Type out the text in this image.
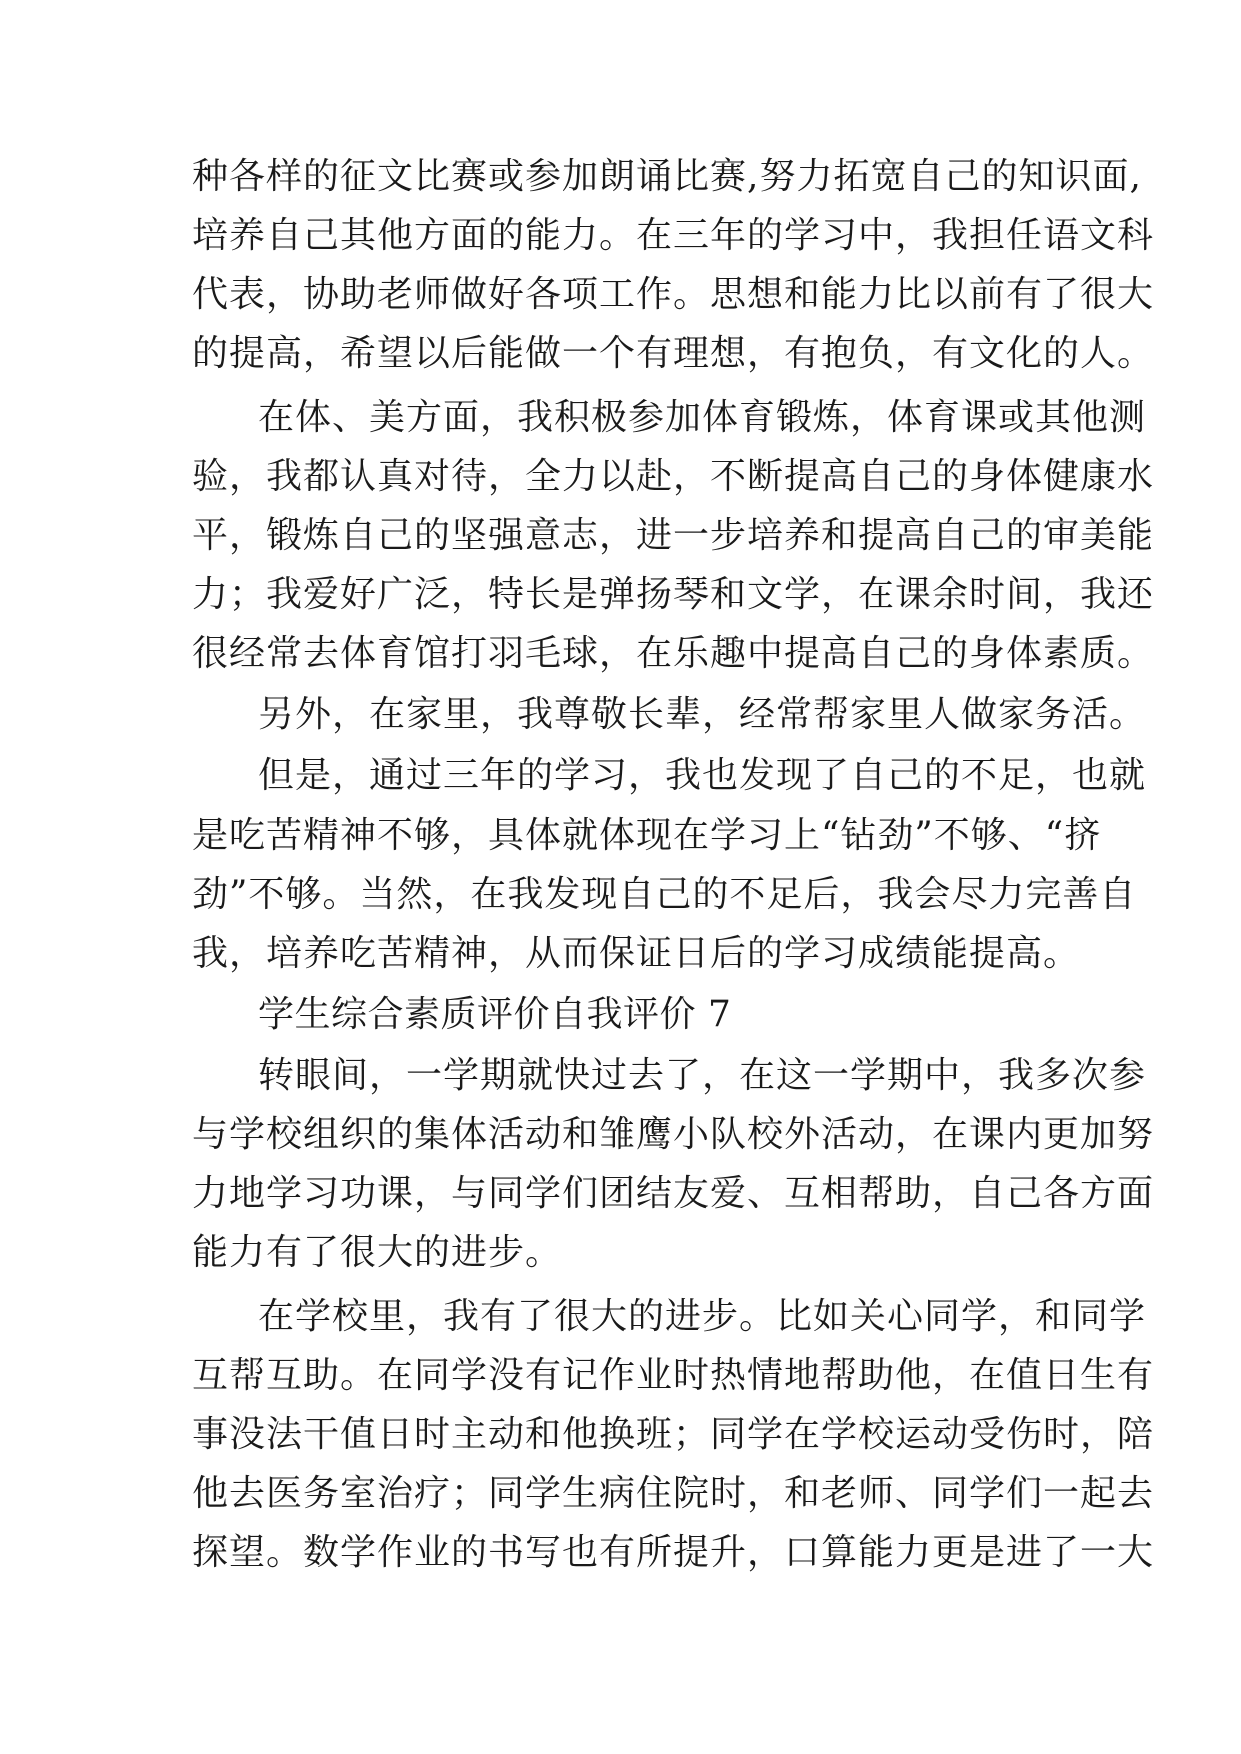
种各样的征文比赛或参加朗诵比赛,努力拓宽自己的知识面,
培养自己其他方面的能力。在三年的学习中，我担任语文科
代表，协助老师做好各项工作。思想和能力比以前有了很大
的提高，希望以后能做一个有理想，有抱负，有文化的人。
在体、美方面，我积极参加体育锻炼，体育课或其他测
验，我都认真对待，全力以赴，不断提高自己的身体健康水
平，锻炼自己的坚强意志，进一步培养和提高自己的审美能
力；我爱好广泛，特长是弹扬琴和文学，在课余时间，我还
很经常去体育馆打羽毛球，在乐趣中提高自己的身体素质。
另外，在家里，我尊敬长辈，经常帮家里人做家务活。
但是，通过三年的学习，我也发现了自己的不足，也就
是吃苦精神不够，具体就体现在学习上“钻劲”不够、“挤
劲”不够。当然，在我发现自己的不足后，我会尽力完善自
我，培养吃苦精神，从而保证日后的学习成绩能提高。
学生综合素质评价自我评价 7
转眼间，一学期就快过去了，在这一学期中，我多次参
与学校组织的集体活动和雏鹰小队校外活动，在课内更加努
力地学习功课，与同学们团结友爱、互相帮助，自己各方面
能力有了很大的进步。
在学校里，我有了很大的进步。比如关心同学，和同学
互帮互助。在同学没有记作业时热情地帮助他，在值日生有
事没法干值日时主动和他换班；同学在学校运动受伤时，陪
他去医务室治疗；同学生病住院时，和老师、同学们一起去
探望。数学作业的书写也有所提升，口算能力更是进了一大
